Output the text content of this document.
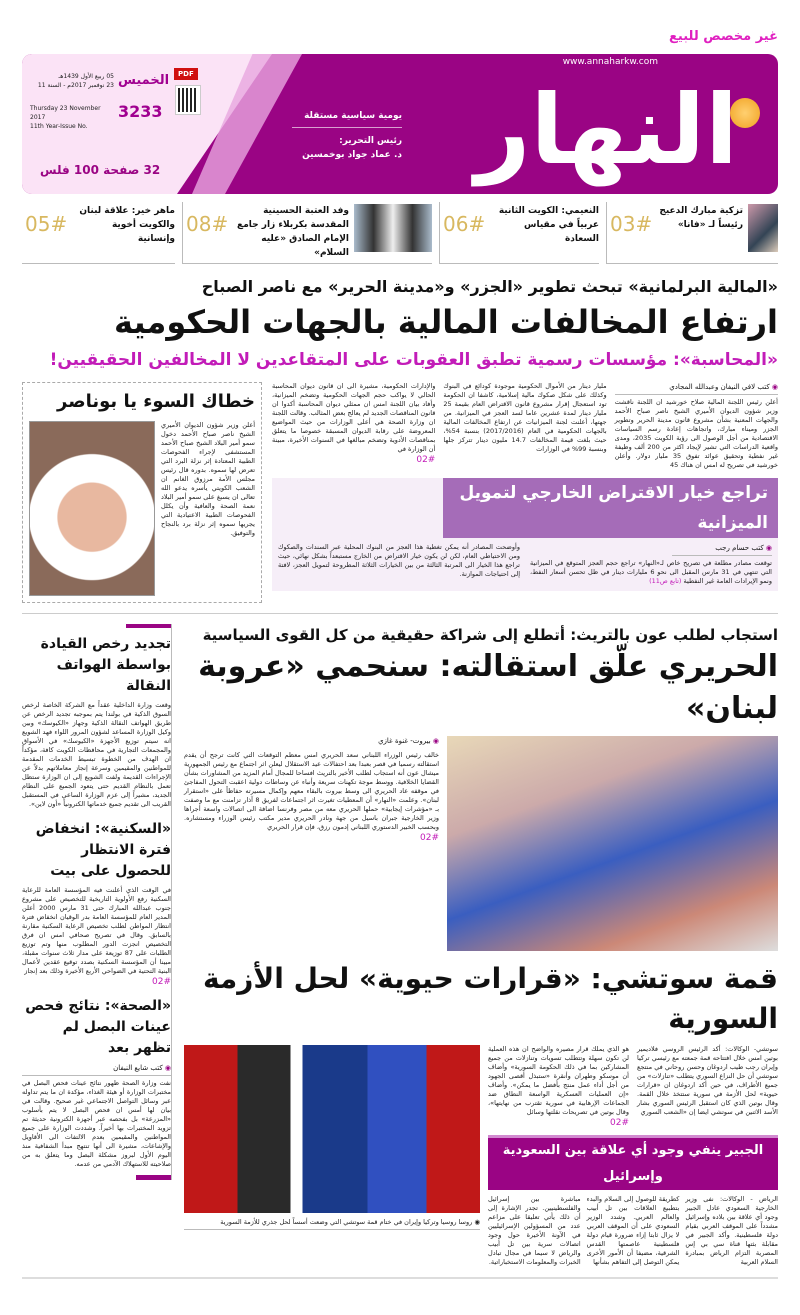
غير مخصص للبيع
www.annaharkw.com
النهار
يومية سياسية مستقلة
رئيس التحرير:
د. عماد جواد بوخمسين
PDF
الخميس
05 ربيع الأول 1439هـ
23 نوفمبر 2017م - السنة 11
3233
Thursday 23 November 2017
11th Year-Issue No.
32 صفحة 100 فلس
تزكية مبارك الدعيج رئيساً لـ «فانا»
03#
النعيمي: الكويت الثانية عربياً في مقياس السعادة
06#
وفد العتبة الحسينية المقدسة بكربلاء زار جامع الإمام الصادق «عليه السلام»
08#
ماهر خير: علاقة لبنان والكويت أخوية وإنسانية
05#
«المالية البرلمانية» تبحث تطوير «الجزر» و«مدينة الحرير» مع ناصر الصباح
ارتفاع المخالفات المالية بالجهات الحكومية
«المحاسبة»: مؤسسات رسمية تطبق العقوبات على المتقاعدين لا المخالفين الحقيقيين!
◉ كتب لافي النيفان وعبدالله المجادي
أعلن رئيس اللجنة المالية صلاح خورشيد ان اللجنة ناقشت وزير شؤون الديوان الأميري الشيخ ناصر صباح الأحمد والجهات المعنية بشأن مشروع قانون مدينة الحرير وتطوير الجزر وميناء مبارك، واتجاهات إعادة رسم السياسات الاقتصادية من أجل الوصول الى رؤية الكويت 2035، ومدى واقعية الدراسات التي تشير لإيجاد اكثر من 200 ألف وظيفة غير نفطية وتحقيق عوائد تفوق 35 مليار دولار. وأعلن خورشيد في تصريح له امس ان هناك 45
مليار دينار من الأموال الحكومية موجودة كودائع في البنوك وكذلك على شكل صكوك مالية إسلامية، كاشفا ان الحكومة تود استعجال إقرار مشروع قانون الاقتراض العام بقيمة 25 مليار دينار لمدة عشرين عاما لسد العجز في الميزانية. من جهتها، أعلنت لجنة الميزانيات عن ارتفاع المخالفات المالية بالجهات الحكومية في العام (2017/2016) بنسبة 54%، حيث بلغت قيمة المخالفات 14.7 مليون دينار تتركز جلها وبنسبة 99% في الوزارات
والإدارات الحكومية، مشيرة الى ان قانون ديوان المحاسبة الحالي لا يواكب حجم الجهات الحكومية وتضخم الميزانية، وأفاد بيان اللجنة امس ان ممثلي ديوان المحاسبة أكدوا ان قانون المناقصات الجديد لم يعالج بعض المثالب. وقالت اللجنة ان وزارة الصحة هي أعلى الوزارات من حيث المواضيع المعروضة على رقابة الديوان المسبقة خصوصا ما يتعلق بمناقصات الأدوية وتضخم مبالغها في السنوات الأخيرة، مبينة أن الوزارة في
02#
تراجع خيار الاقتراض الخارجي لتمويل الميزانية
◉ كتب حسام رجب
توقعت مصادر مطلعة في تصريح خاص لـ«النهار» تراجع حجم العجز المتوقع في الميزانية التي تنتهي في 31 مارس المقبل الى نحو 6 مليارات دينار في ظل تحسن أسعار النفط، ونمو الإيرادات العامة غير النفطية (تابع ص11)
وأوضحت المصادر أنه يمكن تغطية هذا العجز من البنوك المحلية عبر السندات والصكوك ومن الاحتياطي العام، لكن لن يكون خيار الاقتراض من الخارج مستبعداً بشكل نهائي، حيث تراجع هذا الخيار الى المرتبة الثالثة من بين الخيارات الثلاثة المطروحة لتمويل العجز، لافتة إلى احتياجات الموازنة.
خطاك السوء يا بوناصر
أعلن وزير شؤون الديوان الأميري الشيخ ناصر صباح الأحمد دخول سمو أمير البلاد الشيخ صباح الأحمد المستشفى لإجراء الفحوصات الطبية المعتادة إثر نزلة البرد التي تعرض لها سموه. بدوره قال رئيس مجلس الأمة مرزوق الغانم ان الشعب الكويتي يأسره يدعو الله تعالى ان يسبغ على سمو أمير البلاد نعمة الصحة والعافية وأن يكلل الفحوصات الطبية الاعتيادية التي يجريها سموه إثر نزلة برد بالنجاح والتوفيق.
استجاب لطلب عون بالتريث: أتطلع إلى شراكة حقيقية من كل القوى السياسية
الحريري علّق استقالته: سنحمي «عروبة لبنان»
◉ بيروت- غنوة غازي
خالف رئيس الوزراء اللبناني سعد الحريري امس معظم التوقعات التي كانت ترجح أن يقدم استقالته رسميا في قصر بعبدا بعد احتفالات عيد الاستقلال ليعلن اثر اجتماع مع رئيس الجمهورية ميشال عون أنه استجاب لطلب الأخير بالتريث افساحا للمجال أمام المزيد من المشاورات بشأن القضايا الخلافية. ووسط موجة تكهنات سريعة وأنباء عن وساطات دولية اعقبت التحول المفاجئ في موقفه عاد الحريري الى وسط بيروت بالبقاء معهم وإكمال مسيرته حفاظاً على «استقرار لبنان». وعلمت «النهار» أن المعطيات تغيرت اثر اجتماعات لفريق 8 آذار تزامنت مع ما وصفت بـ «مؤشرات إيجابية» حملها الحريري معه من مصر وفرنسا اضافة الى اتصالات واسعة أجراها وزير الخارجية جبران باسيل من جهة ونادر الحريري مدير مكتب رئيس الوزراء ومستشاره. وبحسب الخبير الدستوري اللبناني إدمون رزق، فإن قرار الحريري
02#
قمة سوتشي: «قرارات حيوية» لحل الأزمة السورية
سوتشي- الوكالات: أكد الرئيس الروسي فلاديمير بوتين امس خلال افتتاحه قمة جمعته مع رئيسي تركيا وإيران رجب طيب اردوغان وحسن روحاني في منتجع سوتشي أن حل النزاع السوري يتطلب «تنازلات» من جميع الأطراف، في حين أكد اردوغان ان «قرارات حيوية» لحل الأزمة في سورية ستتخذ خلال القمة. وقال بوتين الذي كان استقبل الرئيس السوري بشار الأسد الاثنين في سوتشي ايضا إن «الشعب السوري
هو الذي يملك قرار مصيره والواضح ان هذه العملية لن تكون سهلة وتتطلب تسويات وتنازلات من جميع المشاركين بما في ذلك الحكومة السورية» وأضاف أن موسكو وطهران وأنقرة «ستبذل أقصى الجهود من أجل أداء عمل منتج بأفضل ما يمكن». وأضاف «إن العمليات العسكرية الواسعة النطاق ضد الجماعات الإرهابية في سورية تقترب من نهايتها»، وقال بوتين في تصريحات نقلتها وسائل
02#
الجبير ينفي وجود أي علاقة بين السعودية وإسرائيل
الرياض - الوكالات: نفى وزير الخارجية السعودي عادل الجبير وجود أي علاقة بين بلاده وإسرائيل مشدداً على الموقف العربي بقيام دولة فلسطينية. وأكد الجبير في مقابلة بثتها قناة سي بي إس المصرية التزام الرياض بمبادرة السلام العربية
كطريقة للوصول إلى السلام والبدء بتطبيع العلاقات بين تل أبيب والعالم العربي. وشدد الوزير السعودي على أن الموقف العربي لا يزال ثابتا إزاء ضرورة قيام دولة فلسطينية عاصمتها القدس الشرقية، مضيفا أن الأمور الأخرى يمكن التوصل إلى التفاهم بشأنها
مباشرة بين إسرائيل والفلسطينيين. تجدر الإشارة إلى أن ذلك يأتي تعليقا على مزاعم عدد من المسؤولين الإسرائيليين في الآونة الأخيرة حول وجود اتصالات سرية بين تل أبيب والرياض لا سيما في مجال تبادل الخبرات والمعلومات الاستخباراتية.
◉ روسا روسيا وتركيا وإيران في ختام قمة سوتشي التي وضعت أسساً لحل جذري للأزمة السورية
تجديد رخص القيادة بواسطة الهواتف النقالة
وقعت وزارة الداخلية عقداً مع الشركة الخاصة لرخص السوق الذكية في بولندا يتم بموجبه تجديد الرخص عن طريق الهواتف النقالة الذكية وجهاز «الكيوسك» وبين وكيل الوزارة المساعد لشؤون المرور اللواء فهد الشويع انه سيتم توزيع الأجهزة «الكيوسك» في الأسواق والمجمعات التجارية في محافظات الكويت كافة، مؤكداً ان الهدف من الخطوة تبسيط الخدمات المقدمة للمواطنين والمقيمين وسرعة إنجاز معاملاتهم بدلاً عن الإجراءات القديمة ولفت الشويع إلى ان الوزارة ستظل تعمل بالنظام القديم حتى يتعود الجميع على النظام الجديد، مشيراً إلى عزم الوزارة الساعي في المستقبل القريب الى تقديم جميع خدماتها الكترونياً «أون لاين».
«السكنية»: انخفاض فترة الانتظار للحصول على بيت
في الوقت الذي أعلنت فيه المؤسسة العامة للرعاية السكنية رفع الأولوية التاريخية للتخصيص على مشروع جنوب عبدالله المبارك حتى 31 مارس 2000 أعلن المدير العام للمؤسسة العامة بدر الوقيان انخفاض فترة انتظار المواطن لطلب تخصيص الرعاية السكنية مقارنة بالسابق. وقال في تصريح صحافي امس ان فرق التخصيص انجزت الدور المطلوب منها وتم توزيع الطلبات على 87 توزيعة على مدار ثلاث سنوات مقبلة، مبينا أن المؤسسة السكنية بصدد توقيع عقدين لأعمال البنية التحتية في الضواحي الأربع الأخيرة وذلك بعد إنجاز
02#
«الصحة»: نتائج فحص عينات البصل لم تظهر بعد
◉ كتب شايع النيفان
نفت وزارة الصحة ظهور نتائج عينات فحص البصل في مختبرات الوزارة أو هيئة الغذاء، مؤكدة ان ما يتم تداوله عبر وسائل التواصل الاجتماعي غير صحيح. وقالت في بيان لها أمس ان فحص البصل لا يتم بأسلوب «المزرعة» بل بفحصه عبر أجهزة الكترونية حديثة تم تزويد المختبرات بها أخيراً. وشددت الوزارة على جميع المواطنين والمقيمين بعدم الالتفات الى الأقاويل والإشاعات، مشيرة الى أنها تنتهج مبدأ الشفافية منذ اليوم الأول لبروز مشكلة البصل وما يتعلق به من صلاحيته للاستهلاك الآدمي من عدمه.
